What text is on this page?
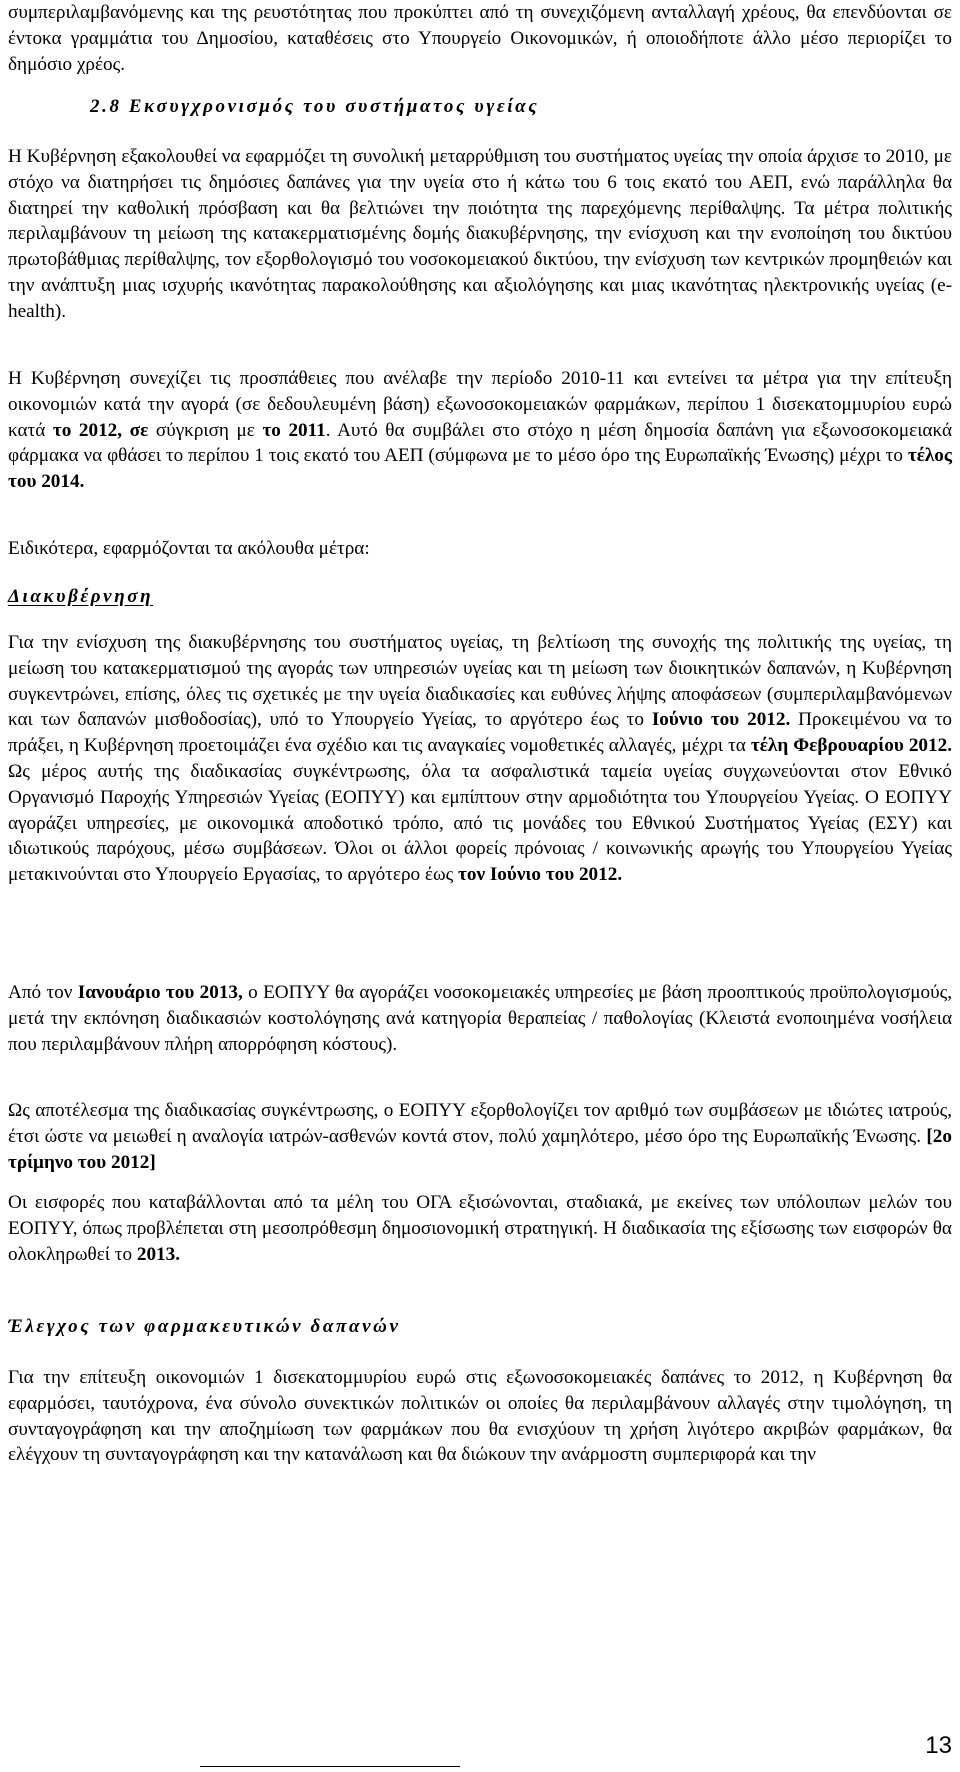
συμπεριλαμβανόμενης και της ρευστότητας που προκύπτει από τη συνεχιζόμενη ανταλλαγή χρέους, θα επενδύονται σε έντοκα γραμμάτια του Δημοσίου, καταθέσεις στο Υπουργείο Οικονομικών, ή οποιοδήποτε άλλο μέσο περιορίζει το δημόσιο χρέος.

2.8 Εκσυγχρονισμός του συστήματος υγείας

Η Κυβέρνηση εξακολουθεί να εφαρμόζει τη συνολική μεταρρύθμιση του συστήματος υγείας την οποία άρχισε το 2010, με στόχο να διατηρήσει τις δημόσιες δαπάνες για την υγεία στο ή κάτω του 6 τοις εκατό του ΑΕΠ, ενώ παράλληλα θα διατηρεί την καθολική πρόσβαση και θα βελτιώνει την ποιότητα της παρεχόμενης περίθαλψης. Τα μέτρα πολιτικής περιλαμβάνουν τη μείωση της κατακερματισμένης δομής διακυβέρνησης, την ενίσχυση και την ενοποίηση του δικτύου πρωτοβάθμιας περίθαλψης, τον εξορθολογισμό του νοσοκομειακού δικτύου, την ενίσχυση των κεντρικών προμηθειών και την ανάπτυξη μιας ισχυρής ικανότητας παρακολούθησης και αξιολόγησης και μιας ικανότητας ηλεκτρονικής υγείας (e-health).

Η Κυβέρνηση συνεχίζει τις προσπάθειες που ανέλαβε την περίοδο 2010-11 και εντείνει τα μέτρα για την επίτευξη οικονομιών κατά την αγορά (σε δεδουλευμένη βάση) εξωνοσοκομειακών φαρμάκων, περίπου 1 δισεκατομμυρίου ευρώ κατά το 2012, σε σύγκριση με το 2011. Αυτό θα συμβάλει στο στόχο η μέση δημοσία δαπάνη για εξωνοσοκομειακά φάρμακα να φθάσει το περίπου 1 τοις εκατό του ΑΕΠ (σύμφωνα με το μέσο όρο της Ευρωπαϊκής Ένωσης) μέχρι το τέλος του 2014.

Ειδικότερα, εφαρμόζονται τα ακόλουθα μέτρα:

Διακυβέρνηση

Για την ενίσχυση της διακυβέρνησης του συστήματος υγείας, τη βελτίωση της συνοχής της πολιτικής της υγείας, τη μείωση του κατακερματισμού της αγοράς των υπηρεσιών υγείας και τη μείωση των διοικητικών δαπανών, η Κυβέρνηση συγκεντρώνει, επίσης, όλες τις σχετικές με την υγεία διαδικασίες και ευθύνες λήψης αποφάσεων (συμπεριλαμβανόμενων και των δαπανών μισθοδοσίας), υπό το Υπουργείο Υγείας, το αργότερο έως το Ιούνιο του 2012. Προκειμένου να το πράξει, η Κυβέρνηση προετοιμάζει ένα σχέδιο και τις αναγκαίες νομοθετικές αλλαγές, μέχρι τα τέλη Φεβρουαρίου 2012. Ως μέρος αυτής της διαδικασίας συγκέντρωσης, όλα τα ασφαλιστικά ταμεία υγείας συγχωνεύονται στον Εθνικό Οργανισμό Παροχής Υπηρεσιών Υγείας (ΕΟΠΥΥ) και εμπίπτουν στην αρμοδιότητα του Υπουργείου Υγείας. Ο ΕΟΠΥΥ αγοράζει υπηρεσίες, με οικονομικά αποδοτικό τρόπο, από τις μονάδες του Εθνικού Συστήματος Υγείας (ΕΣΥ) και ιδιωτικούς παρόχους, μέσω συμβάσεων. Όλοι οι άλλοι φορείς πρόνοιας / κοινωνικής αρωγής του Υπουργείου Υγείας μετακινούνται στο Υπουργείο Εργασίας, το αργότερο έως τον Ιούνιο του 2012.

Από τον Ιανουάριο του 2013, ο ΕΟΠΥΥ θα αγοράζει νοσοκομειακές υπηρεσίες με βάση προοπτικούς προϋπολογισμούς, μετά την εκπόνηση διαδικασιών κοστολόγησης ανά κατηγορία θεραπείας / παθολογίας (Κλειστά ενοποιημένα νοσήλεια που περιλαμβάνουν πλήρη απορρόφηση κόστους).

Ως αποτέλεσμα της διαδικασίας συγκέντρωσης, ο ΕΟΠΥΥ εξορθολογίζει τον αριθμό των συμβάσεων με ιδιώτες ιατρούς, έτσι ώστε να μειωθεί η αναλογία ιατρών-ασθενών κοντά στον, πολύ χαμηλότερο, μέσο όρο της Ευρωπαϊκής Ένωσης. [2ο τρίμηνο του 2012]

Οι εισφορές που καταβάλλονται από τα μέλη του ΟΓΑ εξισώνονται, σταδιακά, με εκείνες των υπόλοιπων μελών του ΕΟΠΥΥ, όπως προβλέπεται στη μεσοπρόθεσμη δημοσιονομική στρατηγική. Η διαδικασία της εξίσωσης των εισφορών θα ολοκληρωθεί το 2013.

Έλεγχος των φαρμακευτικών δαπανών

Για την επίτευξη οικονομιών 1 δισεκατομμυρίου ευρώ στις εξωνοσοκομειακές δαπάνες το 2012, η Κυβέρνηση θα εφαρμόσει, ταυτόχρονα, ένα σύνολο συνεκτικών πολιτικών οι οποίες θα περιλαμβάνουν αλλαγές στην τιμολόγηση, τη συνταγογράφηση και την αποζημίωση των φαρμάκων που θα ενισχύουν τη χρήση λιγότερο ακριβών φαρμάκων, θα ελέγχουν τη συνταγογράφηση και την κατανάλωση και θα διώκουν την ανάρμοστη συμπεριφορά και την

13
